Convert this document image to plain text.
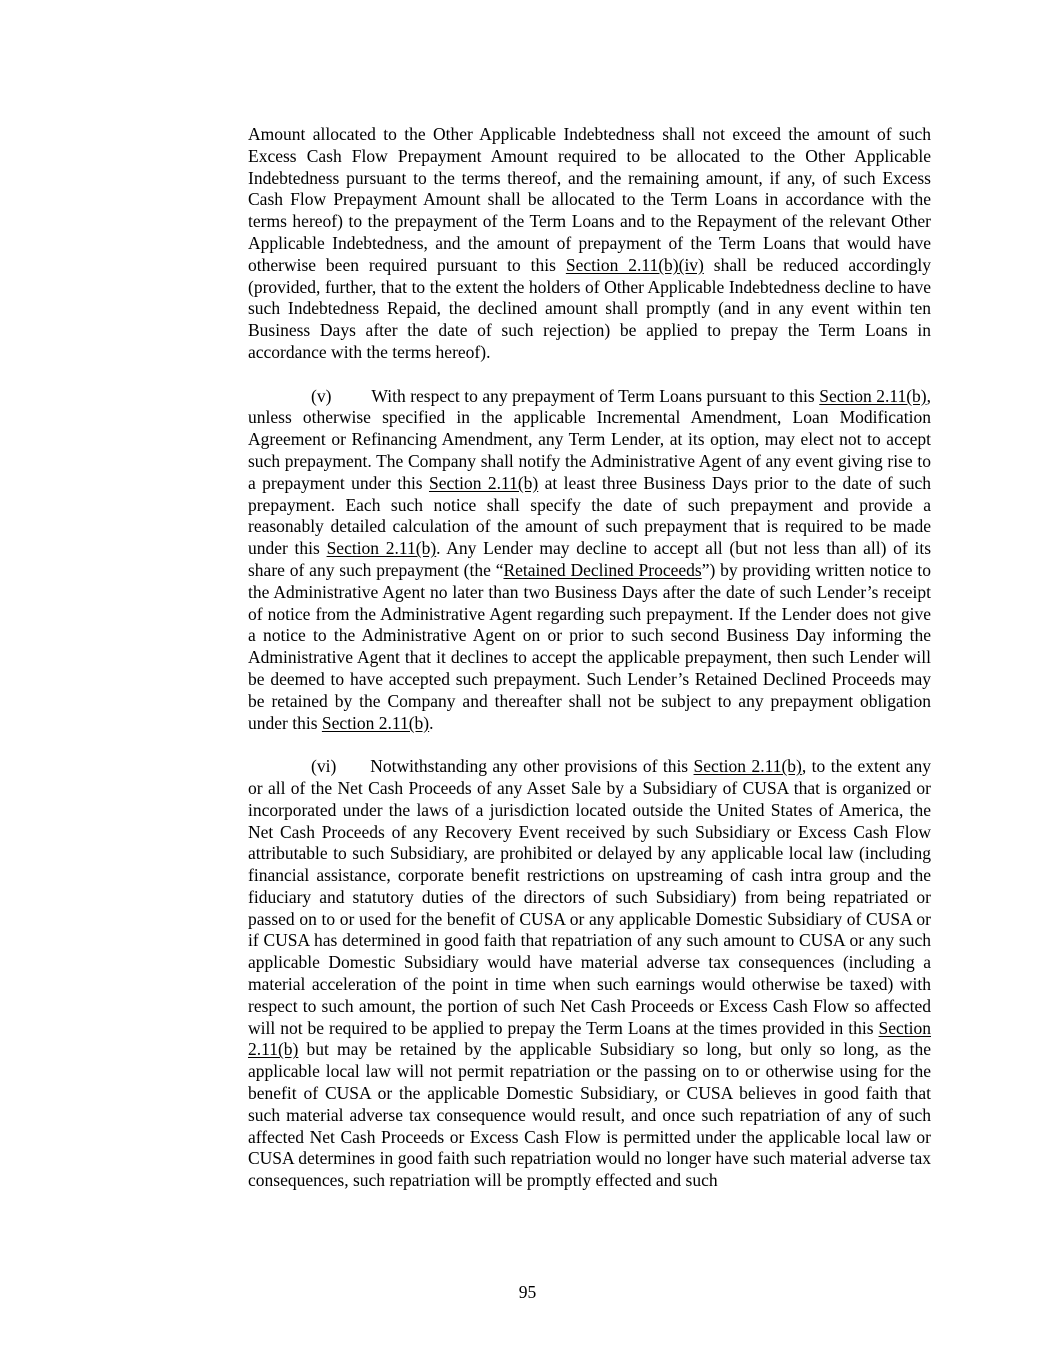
Amount allocated to the Other Applicable Indebtedness shall not exceed the amount of such Excess Cash Flow Prepayment Amount required to be allocated to the Other Applicable Indebtedness pursuant to the terms thereof, and the remaining amount, if any, of such Excess Cash Flow Prepayment Amount shall be allocated to the Term Loans in accordance with the terms hereof) to the prepayment of the Term Loans and to the Repayment of the relevant Other Applicable Indebtedness, and the amount of prepayment of the Term Loans that would have otherwise been required pursuant to this Section 2.11(b)(iv) shall be reduced accordingly (provided, further, that to the extent the holders of Other Applicable Indebtedness decline to have such Indebtedness Repaid, the declined amount shall promptly (and in any event within ten Business Days after the date of such rejection) be applied to prepay the Term Loans in accordance with the terms hereof).

(v) With respect to any prepayment of Term Loans pursuant to this Section 2.11(b), unless otherwise specified in the applicable Incremental Amendment, Loan Modification Agreement or Refinancing Amendment, any Term Lender, at its option, may elect not to accept such prepayment. The Company shall notify the Administrative Agent of any event giving rise to a prepayment under this Section 2.11(b) at least three Business Days prior to the date of such prepayment. Each such notice shall specify the date of such prepayment and provide a reasonably detailed calculation of the amount of such prepayment that is required to be made under this Section 2.11(b). Any Lender may decline to accept all (but not less than all) of its share of any such prepayment (the “Retained Declined Proceeds”) by providing written notice to the Administrative Agent no later than two Business Days after the date of such Lender’s receipt of notice from the Administrative Agent regarding such prepayment. If the Lender does not give a notice to the Administrative Agent on or prior to such second Business Day informing the Administrative Agent that it declines to accept the applicable prepayment, then such Lender will be deemed to have accepted such prepayment. Such Lender’s Retained Declined Proceeds may be retained by the Company and thereafter shall not be subject to any prepayment obligation under this Section 2.11(b).

(vi) Notwithstanding any other provisions of this Section 2.11(b), to the extent any or all of the Net Cash Proceeds of any Asset Sale by a Subsidiary of CUSA that is organized or incorporated under the laws of a jurisdiction located outside the United States of America, the Net Cash Proceeds of any Recovery Event received by such Subsidiary or Excess Cash Flow attributable to such Subsidiary, are prohibited or delayed by any applicable local law (including financial assistance, corporate benefit restrictions on upstreaming of cash intra group and the fiduciary and statutory duties of the directors of such Subsidiary) from being repatriated or passed on to or used for the benefit of CUSA or any applicable Domestic Subsidiary of CUSA or if CUSA has determined in good faith that repatriation of any such amount to CUSA or any such applicable Domestic Subsidiary would have material adverse tax consequences (including a material acceleration of the point in time when such earnings would otherwise be taxed) with respect to such amount, the portion of such Net Cash Proceeds or Excess Cash Flow so affected will not be required to be applied to prepay the Term Loans at the times provided in this Section 2.11(b) but may be retained by the applicable Subsidiary so long, but only so long, as the applicable local law will not permit repatriation or the passing on to or otherwise using for the benefit of CUSA or the applicable Domestic Subsidiary, or CUSA believes in good faith that such material adverse tax consequence would result, and once such repatriation of any of such affected Net Cash Proceeds or Excess Cash Flow is permitted under the applicable local law or CUSA determines in good faith such repatriation would no longer have such material adverse tax consequences, such repatriation will be promptly effected and such

95
